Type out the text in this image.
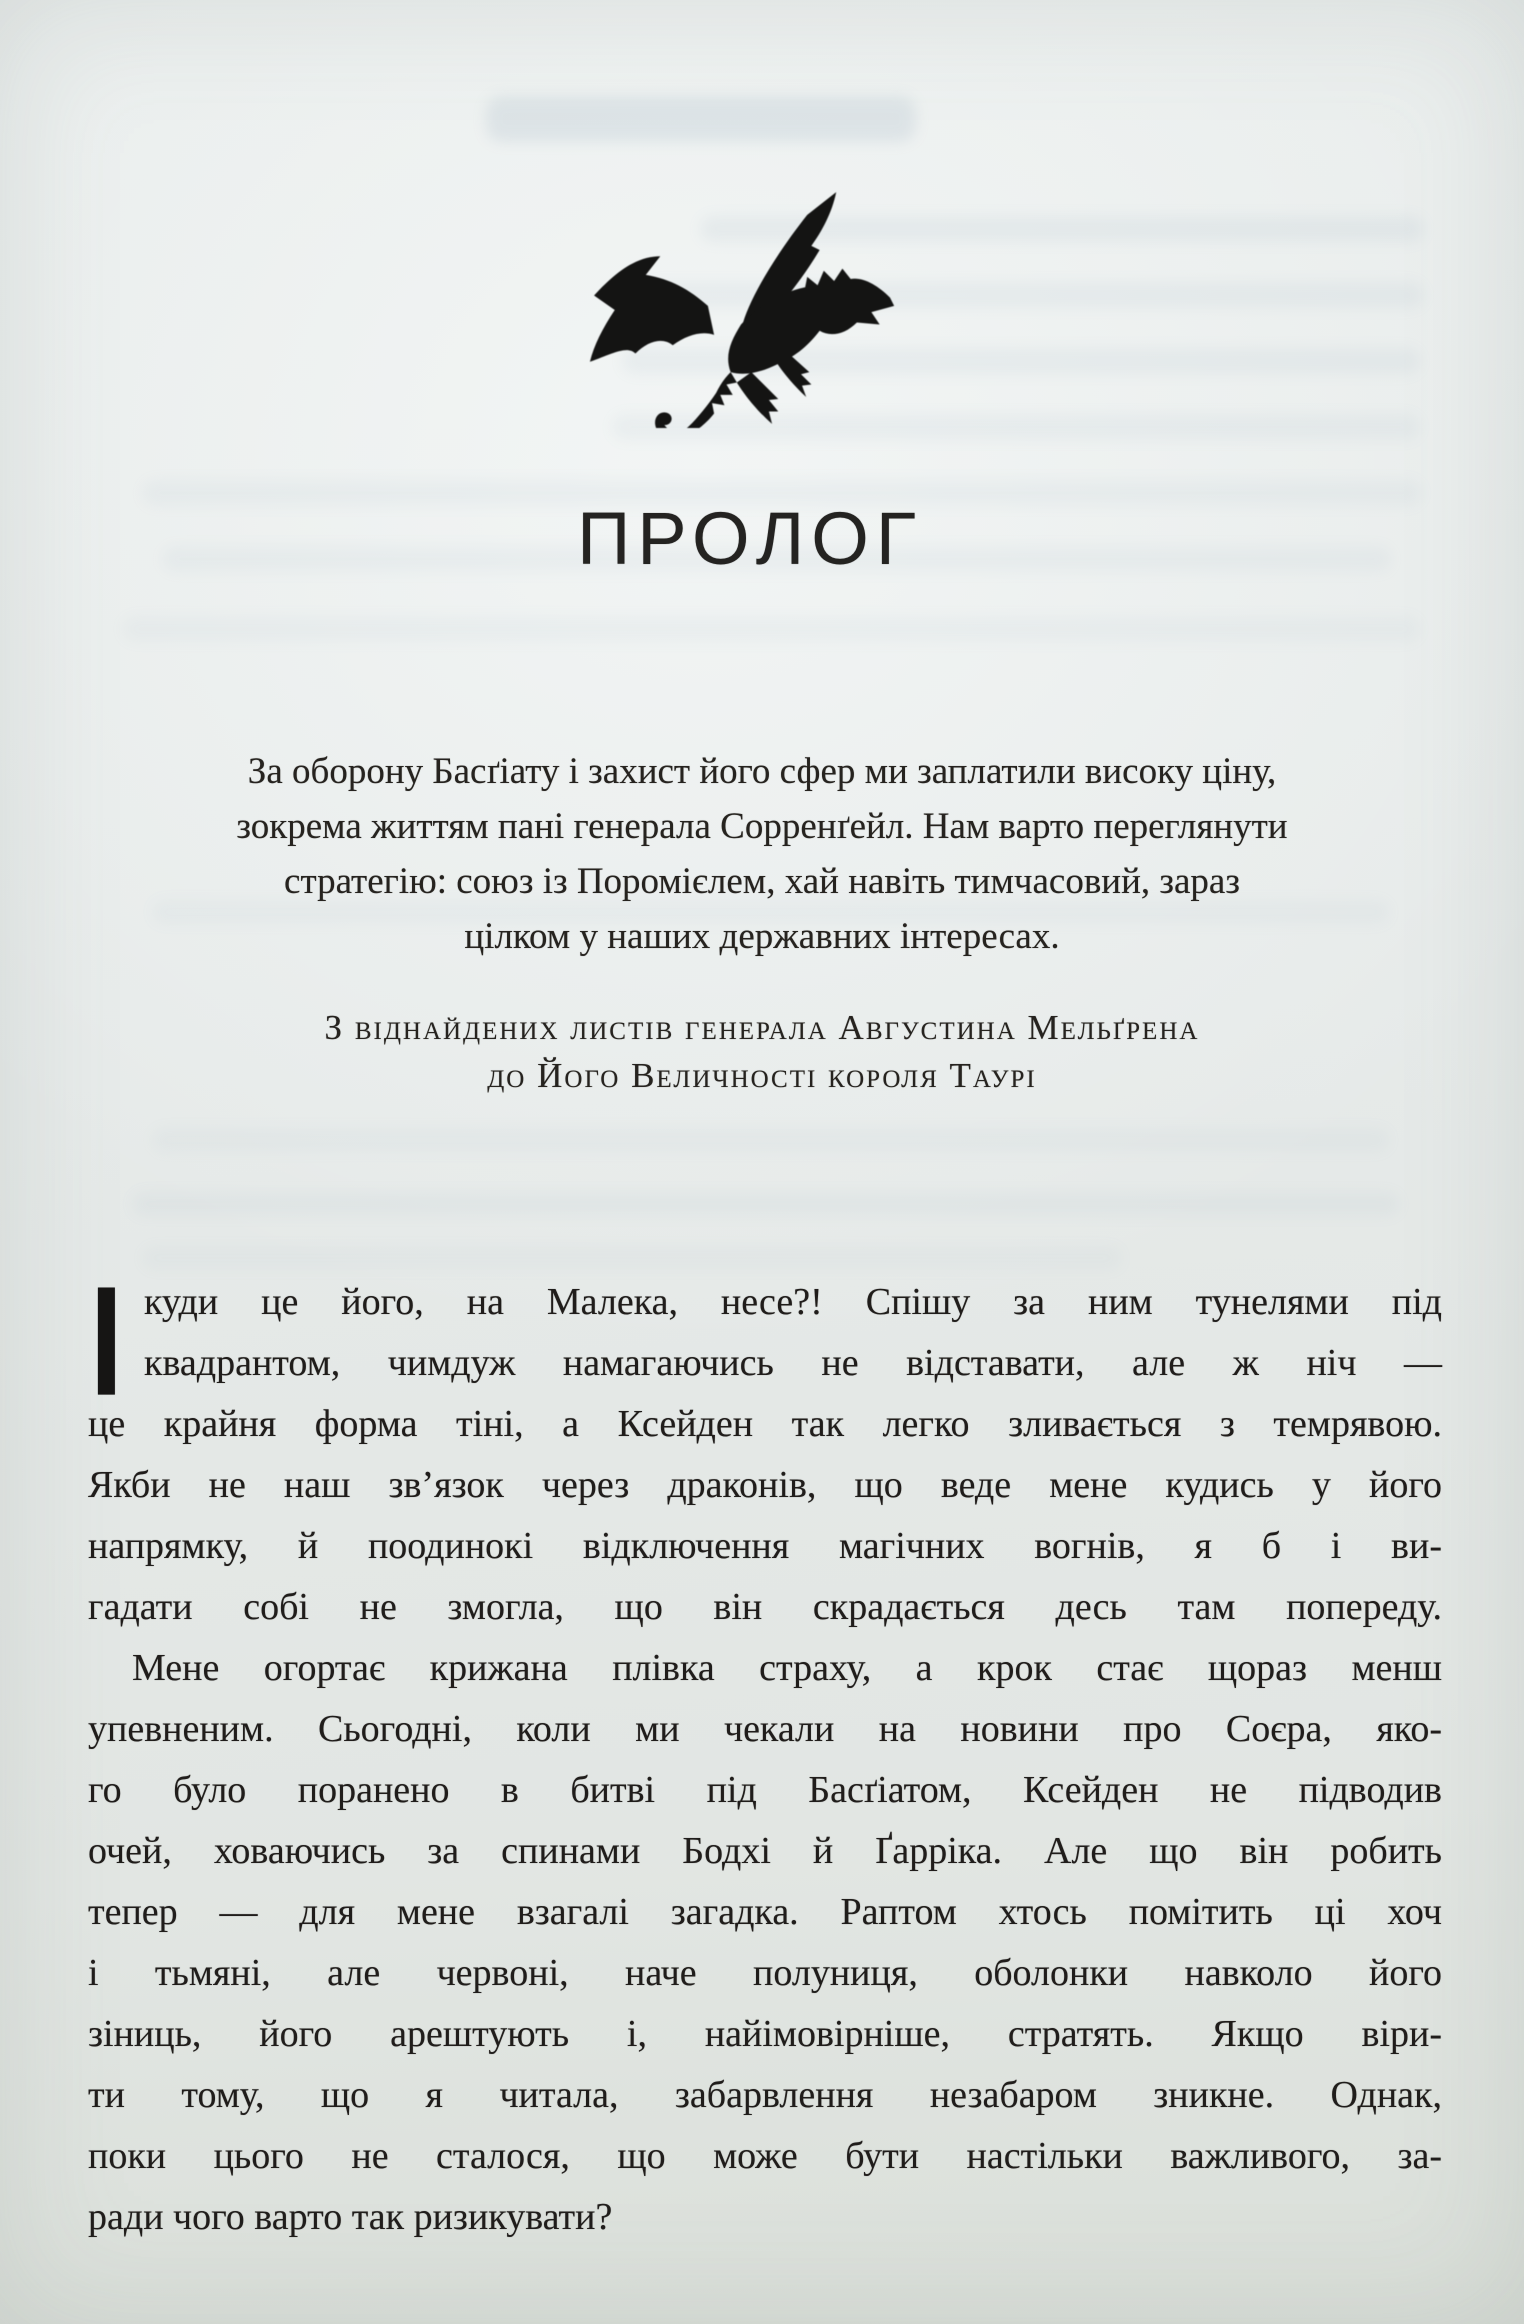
ПРОЛОГ
За оборону Басґіату і захист його сфер ми заплатили високу ціну,
зокрема життям пані генерала Сорренґейл. Нам варто переглянути
стратегію: союз із Поромієлем, хай навіть тимчасовий, зараз
цілком у наших державних інтересах.
З віднайдених листів генерала Августина Мельґрена
до Його Величності короля Таурі
І куди це його, на Малека, несе?! Спішу за ним тунелями під
квадрантом, чимдуж намагаючись не відставати, але ж ніч —
це крайня форма тіні, а Ксейден так легко зливається з темрявою.
Якби не наш зв’язок через драконів, що веде мене кудись у його
напрямку, й поодинокі відключення магічних вогнів, я б і ви-
гадати собі не змогла, що він скрадається десь там попереду.
Мене огортає крижана плівка страху, а крок стає щораз менш
упевненим. Сьогодні, коли ми чекали на новини про Соєра, яко-
го було поранено в битві під Басґіатом, Ксейден не підводив
очей, ховаючись за спинами Бодхі й Ґарріка. Але що він робить
тепер — для мене взагалі загадка. Раптом хтось помітить ці хоч
і тьмяні, але червоні, наче полуниця, оболонки навколо його
зіниць, його арештують і, найімовірніше, стратять. Якщо віри-
ти тому, що я читала, забарвлення незабаром зникне. Однак,
поки цього не сталося, що може бути настільки важливого, за-
ради чого варто так ризикувати?
